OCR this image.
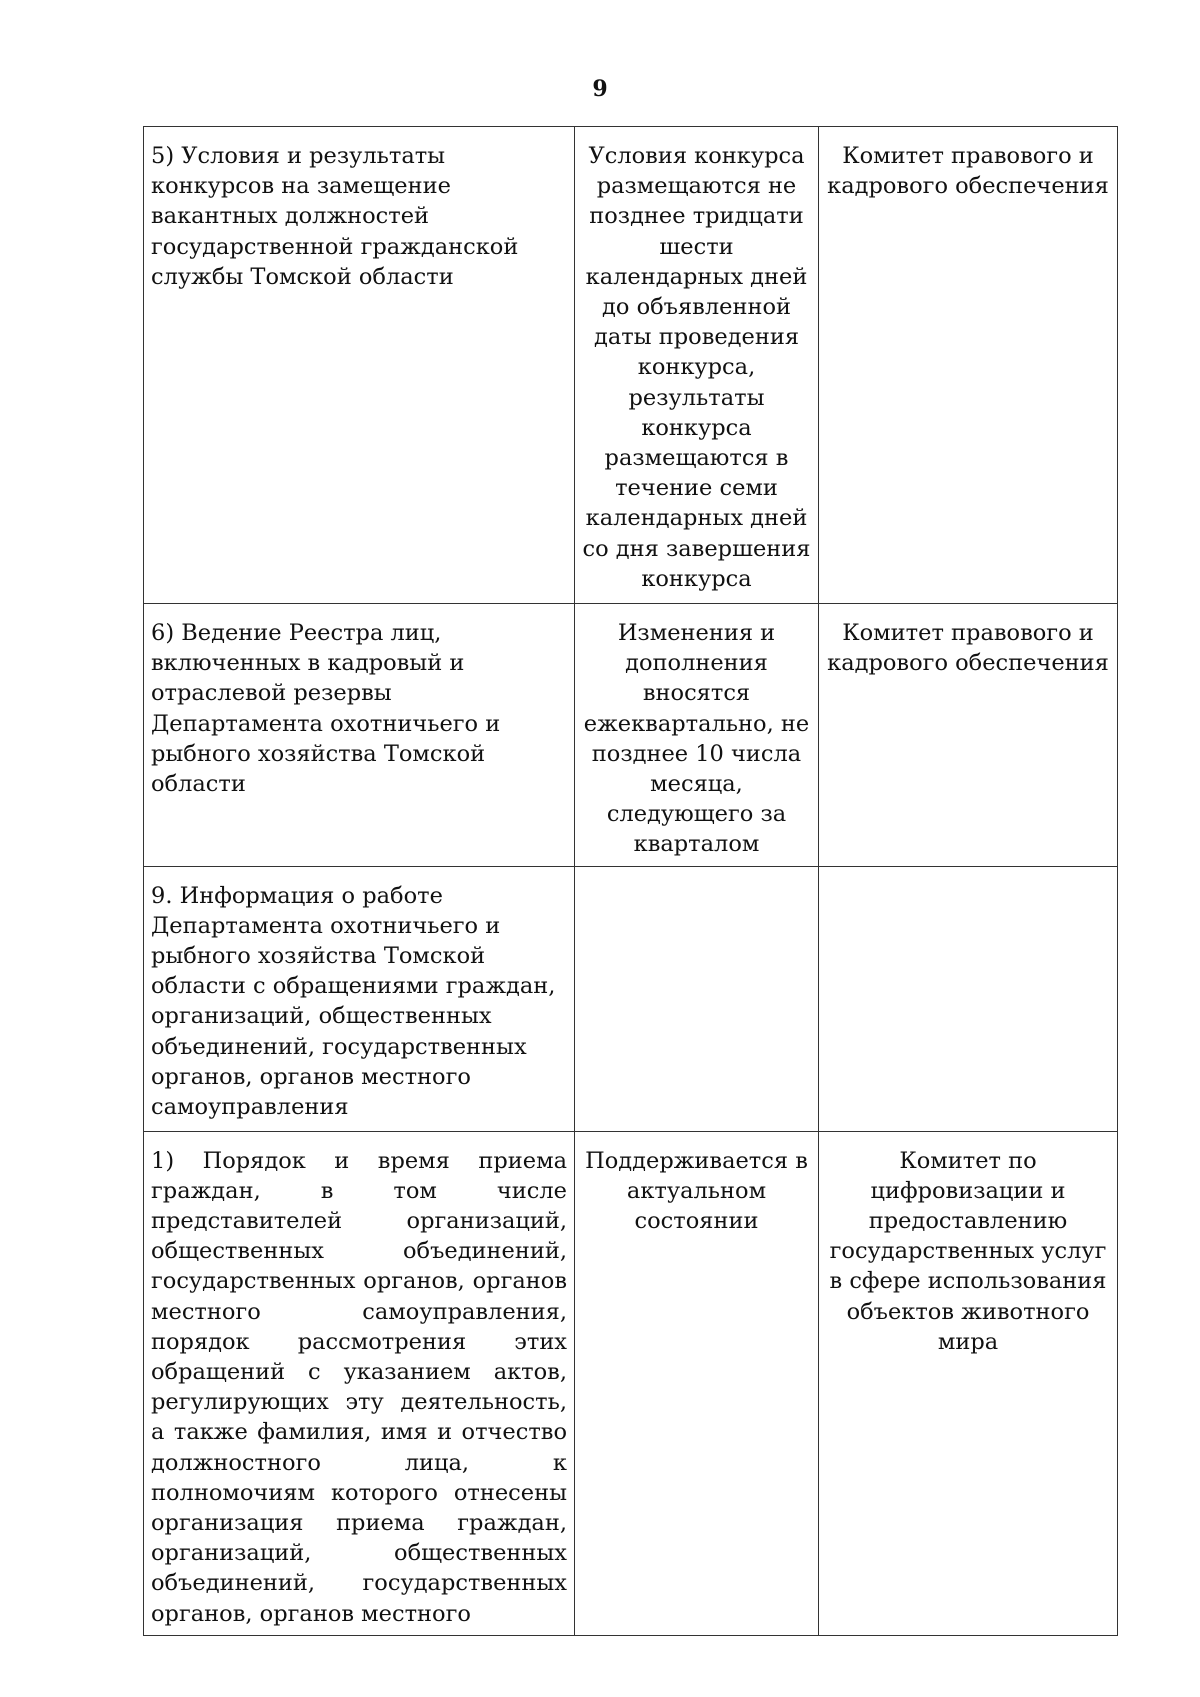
9
5) Условия и результаты конкурсов на замещение вакантных должностей государственной гражданской службы Томской области	Условия конкурса размещаются не позднее тридцати шести календарных дней до объявленной даты проведения конкурса, результаты конкурса размещаются в течение семи календарных дней со дня завершения конкурса	Комитет правового и кадрового обеспечения
6) Ведение Реестра лиц, включенных в кадровый и отраслевой резервы Департамента охотничьего и рыбного хозяйства Томской области	Изменения и дополнения вносятся ежеквартально, не позднее 10 числа месяца, следующего за кварталом	Комитет правового и кадрового обеспечения
9. Информация о работе Департамента охотничьего и рыбного хозяйства Томской области с обращениями граждан, организаций, общественных объединений, государственных органов, органов местного самоуправления		
1) Порядок и время приема граждан, в том числе представителей организаций, общественных объединений, государственных органов, органов местного самоуправления, порядок рассмотрения этих обращений с указанием актов, регулирующих эту деятельность, а также фамилия, имя и отчество должностного лица, к полномочиям которого отнесены организация приема граждан, организаций, общественных объединений, государственных органов, органов местного	Поддерживается в актуальном состоянии	Комитет по цифровизации и предоставлению государственных услуг в сфере использования объектов животного мира
